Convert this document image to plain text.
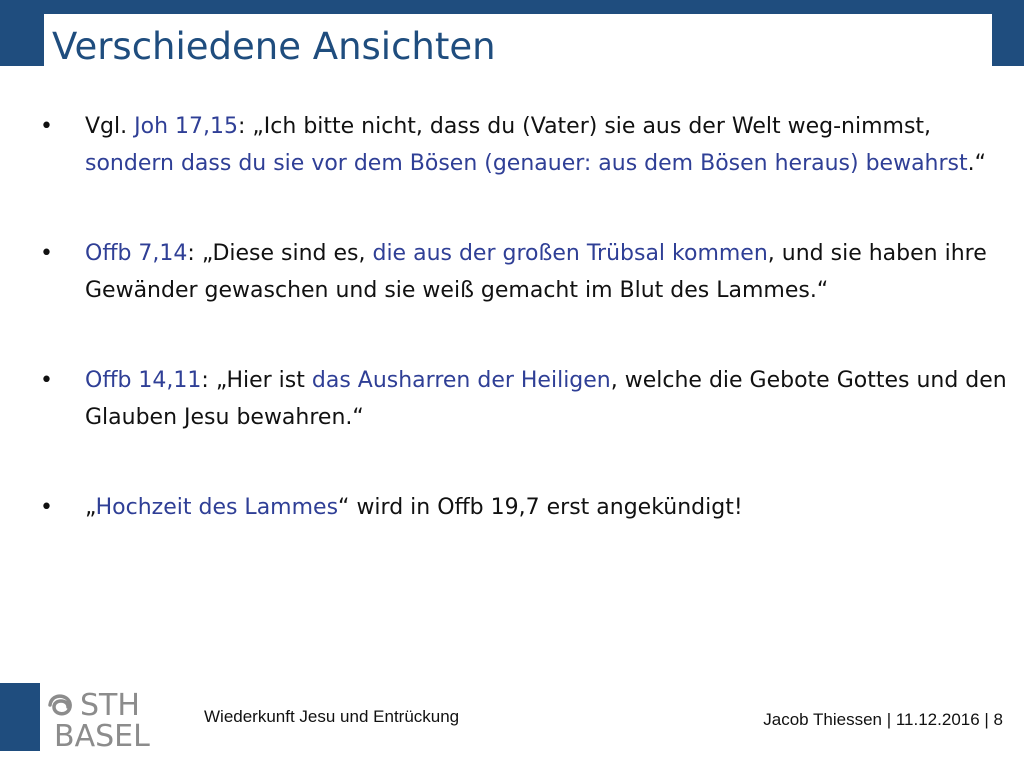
Verschiedene Ansichten

• Vgl. Joh 17,15: „Ich bitte nicht, dass du (Vater) sie aus der Welt weg-nimmst, sondern dass du sie vor dem Bösen (genauer: aus dem Bösen heraus) bewahrst.“

• Offb 7,14: „Diese sind es, die aus der großen Trübsal kommen, und sie haben ihre Gewänder gewaschen und sie weiß gemacht im Blut des Lammes.“

• Offb 14,11: „Hier ist das Ausharren der Heiligen, welche die Gebote Gottes und den Glauben Jesu bewahren.“

• „Hochzeit des Lammes“ wird in Offb 19,7 erst angekündigt!

STH
BASEL
Wiederkunft Jesu und Entrückung	Jacob Thiessen | 11.12.2016 | 8
